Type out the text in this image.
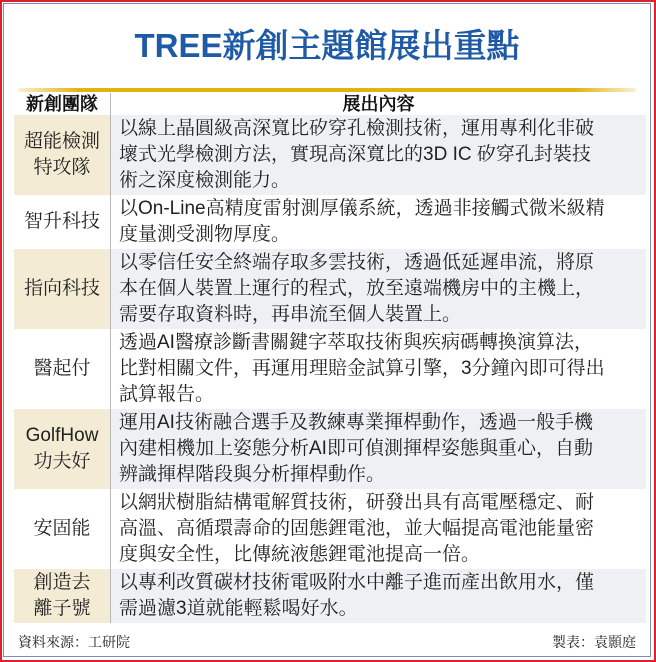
TREE新創主題館展出重點
新創團隊	展出內容
超能檢測
特攻隊
以線上晶圓級高深寬比矽穿孔檢測技術，運用專利化非破
壞式光學檢測方法，實現高深寬比的3D IC 矽穿孔封裝技
術之深度檢測能力。
智升科技
以On-Line高精度雷射測厚儀系統，透過非接觸式微米級精
度量測受測物厚度。
指向科技
以零信任安全終端存取多雲技術，透過低延遲串流，將原
本在個人裝置上運行的程式，放至遠端機房中的主機上，
需要存取資料時，再串流至個人裝置上。
醫起付
透過AI醫療診斷書關鍵字萃取技術與疾病碼轉換演算法，
比對相關文件，再運用理賠金試算引擎，3分鐘內即可得出
試算報告。
GolfHow
功夫好
運用AI技術融合選手及教練專業揮桿動作，透過一般手機
內建相機加上姿態分析AI即可偵測揮桿姿態與重心，自動
辨識揮桿階段與分析揮桿動作。
安固能
以網狀樹脂結構電解質技術，研發出具有高電壓穩定、耐
高溫、高循環壽命的固態鋰電池，並大幅提高電池能量密
度與安全性，比傳統液態鋰電池提高一倍。
創造去
離子號
以專利改質碳材技術電吸附水中離子進而產出飲用水，僅
需過濾3道就能輕鬆喝好水。
資料來源：工研院	製表：袁顥庭
